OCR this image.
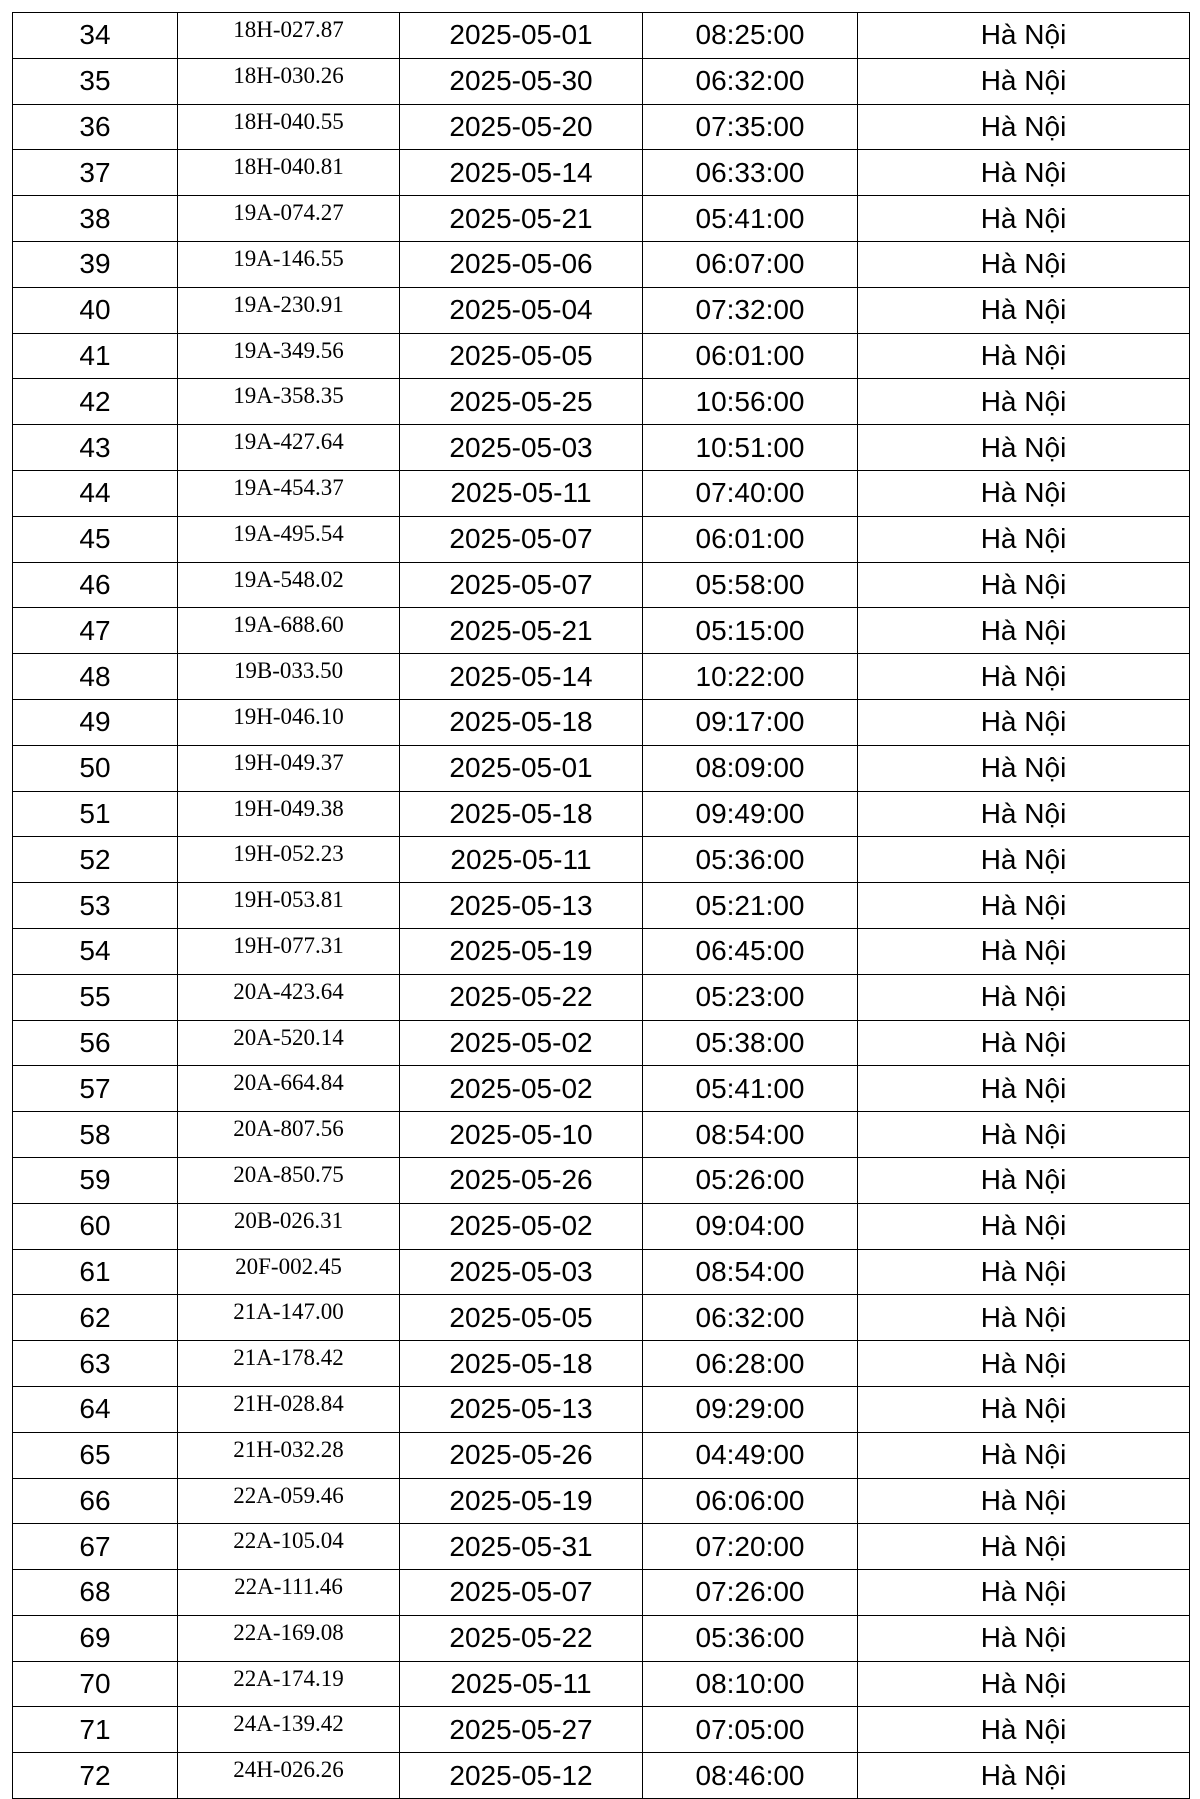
34	18H-027.87	2025-05-01	08:25:00	Hà Nội
35	18H-030.26	2025-05-30	06:32:00	Hà Nội
36	18H-040.55	2025-05-20	07:35:00	Hà Nội
37	18H-040.81	2025-05-14	06:33:00	Hà Nội
38	19A-074.27	2025-05-21	05:41:00	Hà Nội
39	19A-146.55	2025-05-06	06:07:00	Hà Nội
40	19A-230.91	2025-05-04	07:32:00	Hà Nội
41	19A-349.56	2025-05-05	06:01:00	Hà Nội
42	19A-358.35	2025-05-25	10:56:00	Hà Nội
43	19A-427.64	2025-05-03	10:51:00	Hà Nội
44	19A-454.37	2025-05-11	07:40:00	Hà Nội
45	19A-495.54	2025-05-07	06:01:00	Hà Nội
46	19A-548.02	2025-05-07	05:58:00	Hà Nội
47	19A-688.60	2025-05-21	05:15:00	Hà Nội
48	19B-033.50	2025-05-14	10:22:00	Hà Nội
49	19H-046.10	2025-05-18	09:17:00	Hà Nội
50	19H-049.37	2025-05-01	08:09:00	Hà Nội
51	19H-049.38	2025-05-18	09:49:00	Hà Nội
52	19H-052.23	2025-05-11	05:36:00	Hà Nội
53	19H-053.81	2025-05-13	05:21:00	Hà Nội
54	19H-077.31	2025-05-19	06:45:00	Hà Nội
55	20A-423.64	2025-05-22	05:23:00	Hà Nội
56	20A-520.14	2025-05-02	05:38:00	Hà Nội
57	20A-664.84	2025-05-02	05:41:00	Hà Nội
58	20A-807.56	2025-05-10	08:54:00	Hà Nội
59	20A-850.75	2025-05-26	05:26:00	Hà Nội
60	20B-026.31	2025-05-02	09:04:00	Hà Nội
61	20F-002.45	2025-05-03	08:54:00	Hà Nội
62	21A-147.00	2025-05-05	06:32:00	Hà Nội
63	21A-178.42	2025-05-18	06:28:00	Hà Nội
64	21H-028.84	2025-05-13	09:29:00	Hà Nội
65	21H-032.28	2025-05-26	04:49:00	Hà Nội
66	22A-059.46	2025-05-19	06:06:00	Hà Nội
67	22A-105.04	2025-05-31	07:20:00	Hà Nội
68	22A-111.46	2025-05-07	07:26:00	Hà Nội
69	22A-169.08	2025-05-22	05:36:00	Hà Nội
70	22A-174.19	2025-05-11	08:10:00	Hà Nội
71	24A-139.42	2025-05-27	07:05:00	Hà Nội
72	24H-026.26	2025-05-12	08:46:00	Hà Nội
